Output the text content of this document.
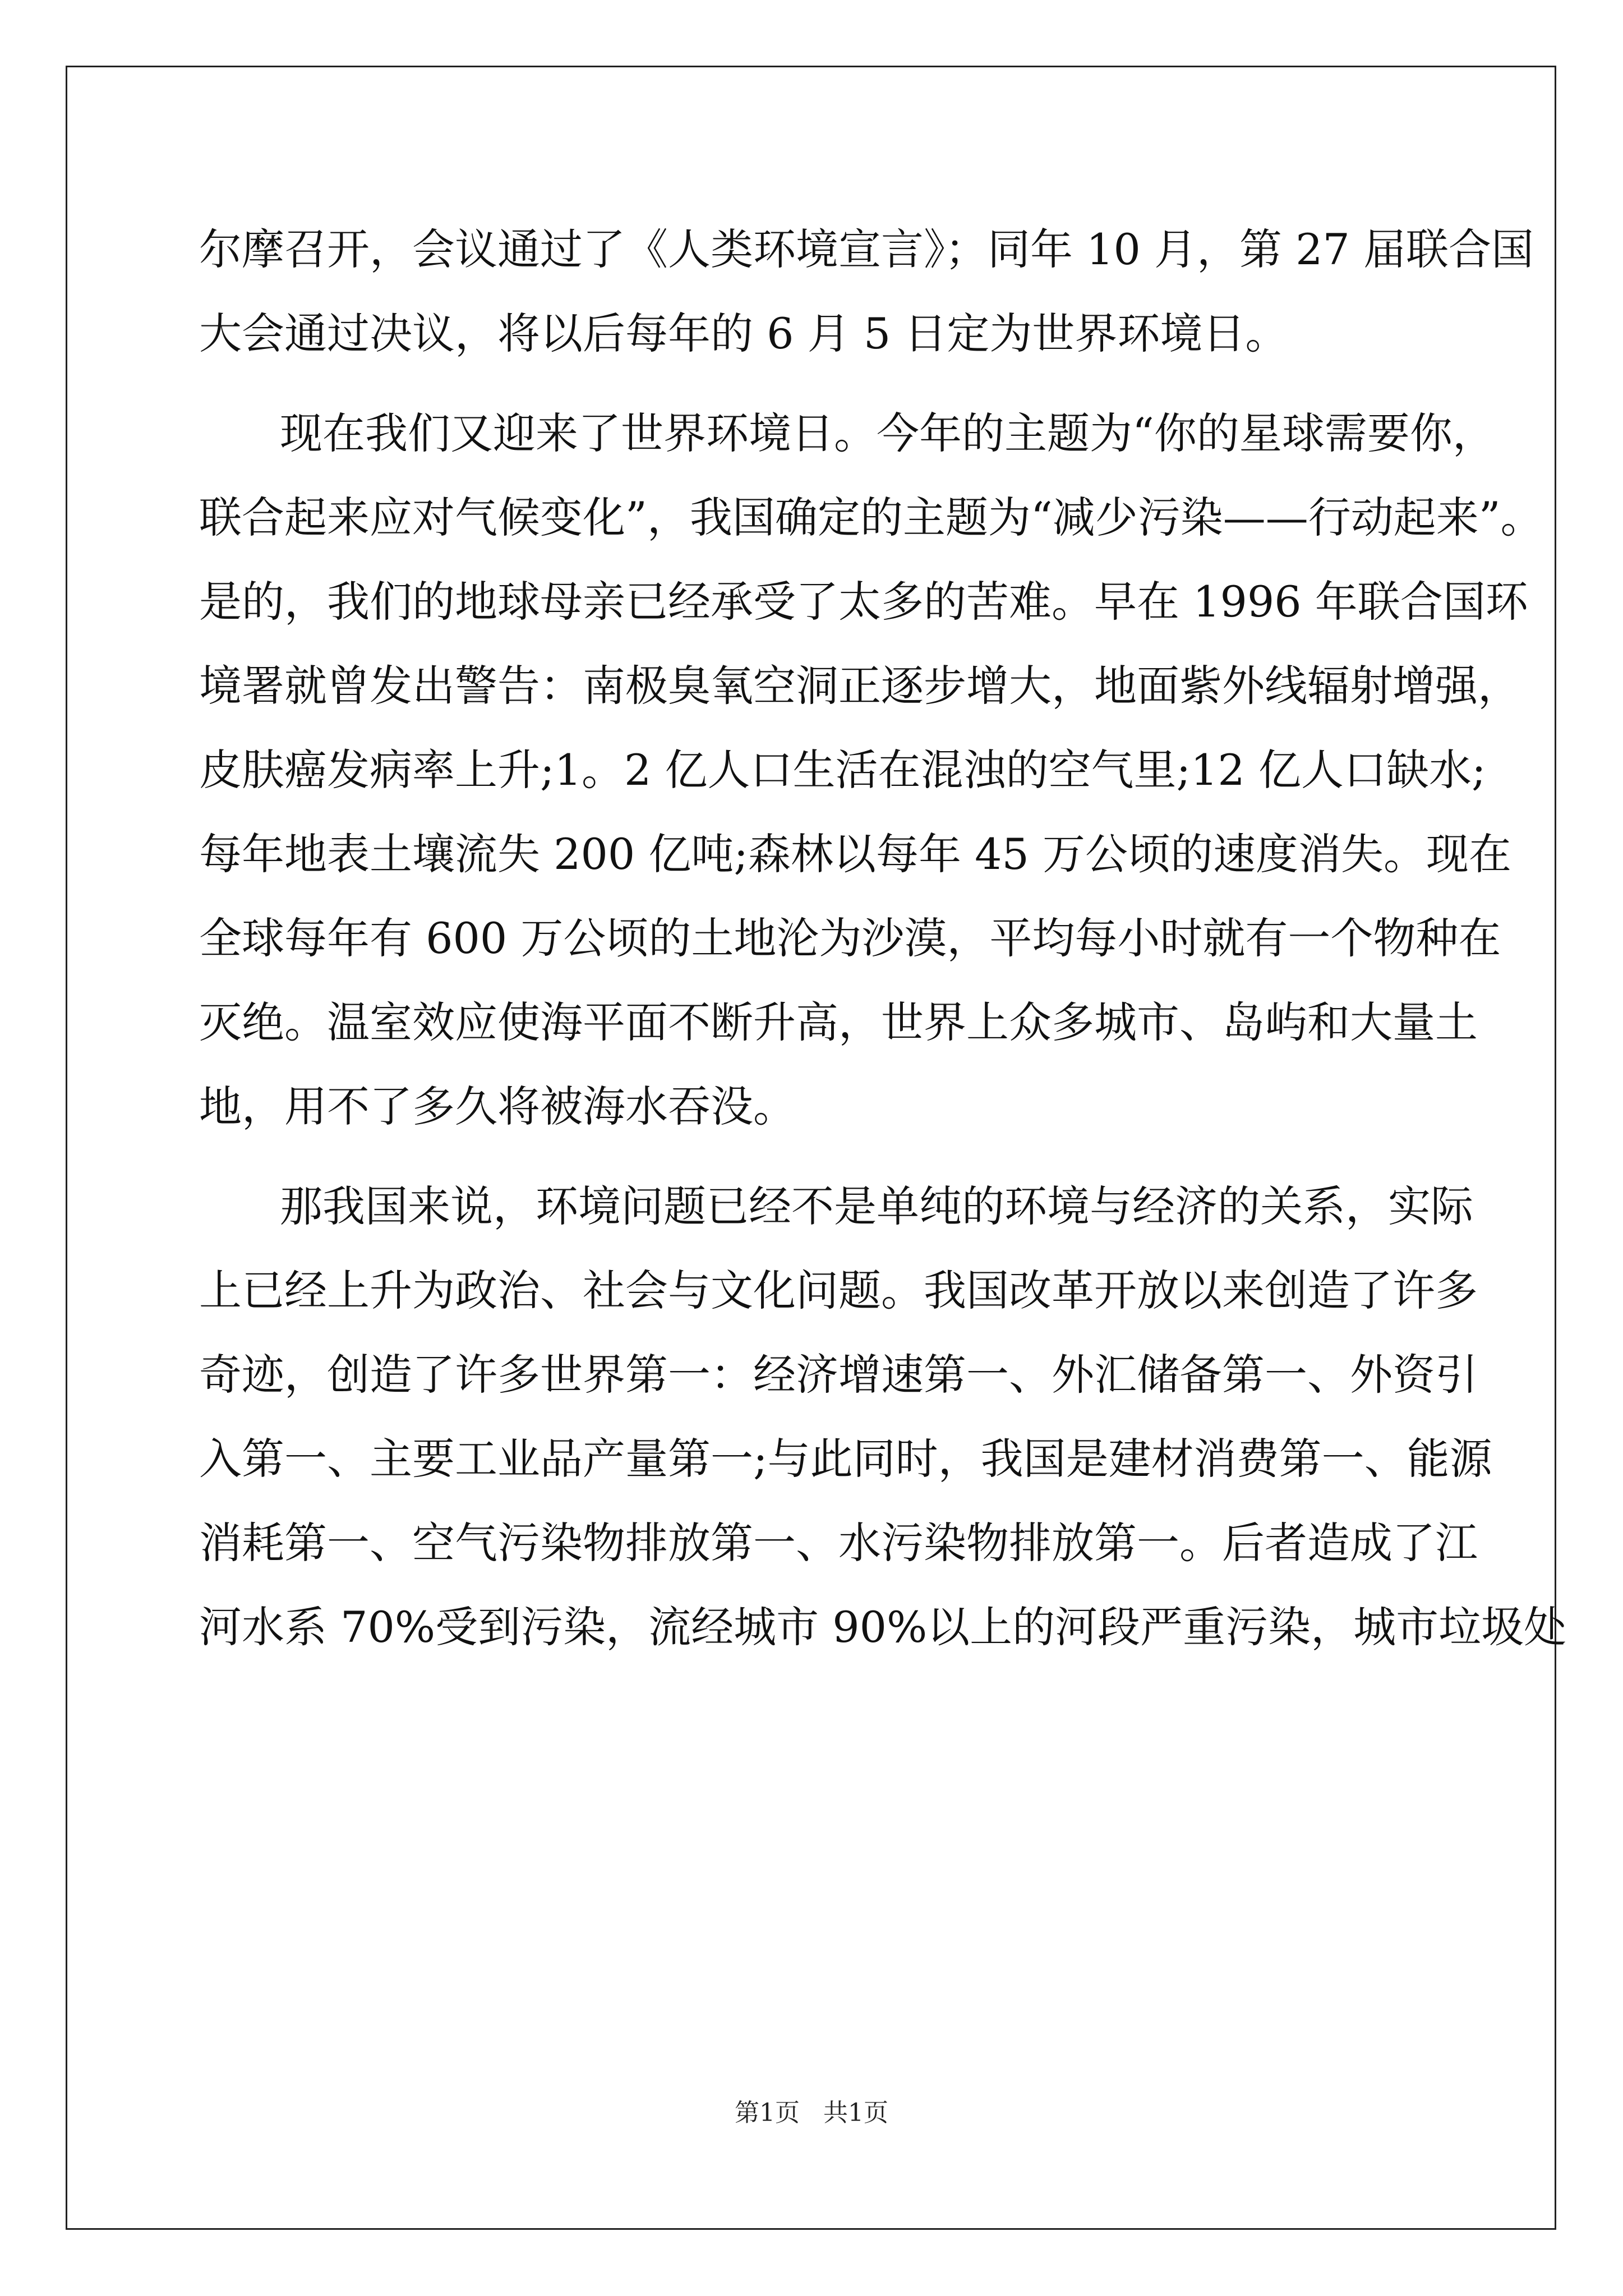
尔摩召开，会议通过了《人类环境宣言》；同年 10 月，第 27 届联合国
大会通过决议，将以后每年的 6 月 5 日定为世界环境日。
现在我们又迎来了世界环境日。今年的主题为“你的星球需要你，
联合起来应对气候变化”，我国确定的主题为“减少污染——行动起来”。
是的，我们的地球母亲已经承受了太多的苦难。早在 1996 年联合国环
境署就曾发出警告：南极臭氧空洞正逐步增大，地面紫外线辐射增强，
皮肤癌发病率上升;1。2 亿人口生活在混浊的空气里;12 亿人口缺水;
每年地表土壤流失 200 亿吨;森林以每年 45 万公顷的速度消失。现在
全球每年有 600 万公顷的土地沦为沙漠，平均每小时就有一个物种在
灭绝。温室效应使海平面不断升高，世界上众多城市、岛屿和大量土
地，用不了多久将被海水吞没。
那我国来说，环境问题已经不是单纯的环境与经济的关系，实际
上已经上升为政治、社会与文化问题。我国改革开放以来创造了许多
奇迹，创造了许多世界第一：经济增速第一、外汇储备第一、外资引
入第一、主要工业品产量第一;与此同时，我国是建材消费第一、能源
消耗第一、空气污染物排放第一、水污染物排放第一。后者造成了江
河水系 70%受到污染，流经城市 90%以上的河段严重污染，城市垃圾处
第1页 共1页
